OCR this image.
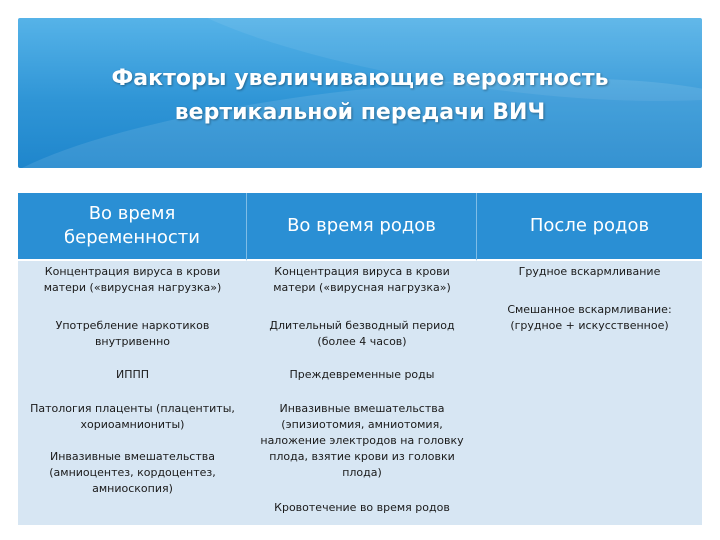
Факторы увеличивающие вероятность
вертикальной передачи ВИЧ
Во время беременности
Концентрация вируса в крови матери («вирусная нагрузка»)
Употребление наркотиков внутривенно
ИППП
Патология плаценты (плацентиты, хориоамниониты)
Инвазивные вмешательства (амниоцентез, кордоцентез, амниоскопия)
Во время родов
Концентрация вируса в крови матери («вирусная нагрузка»)
Длительный безводный период (более 4 часов)
Преждевременные роды
Инвазивные вмешательства (эпизиотомия, амниотомия, наложение электродов на головку плода, взятие крови из головки плода)
Кровотечение во время родов
После родов
Грудное вскармливание
Смешанное вскармливание: (грудное + искусственное)
